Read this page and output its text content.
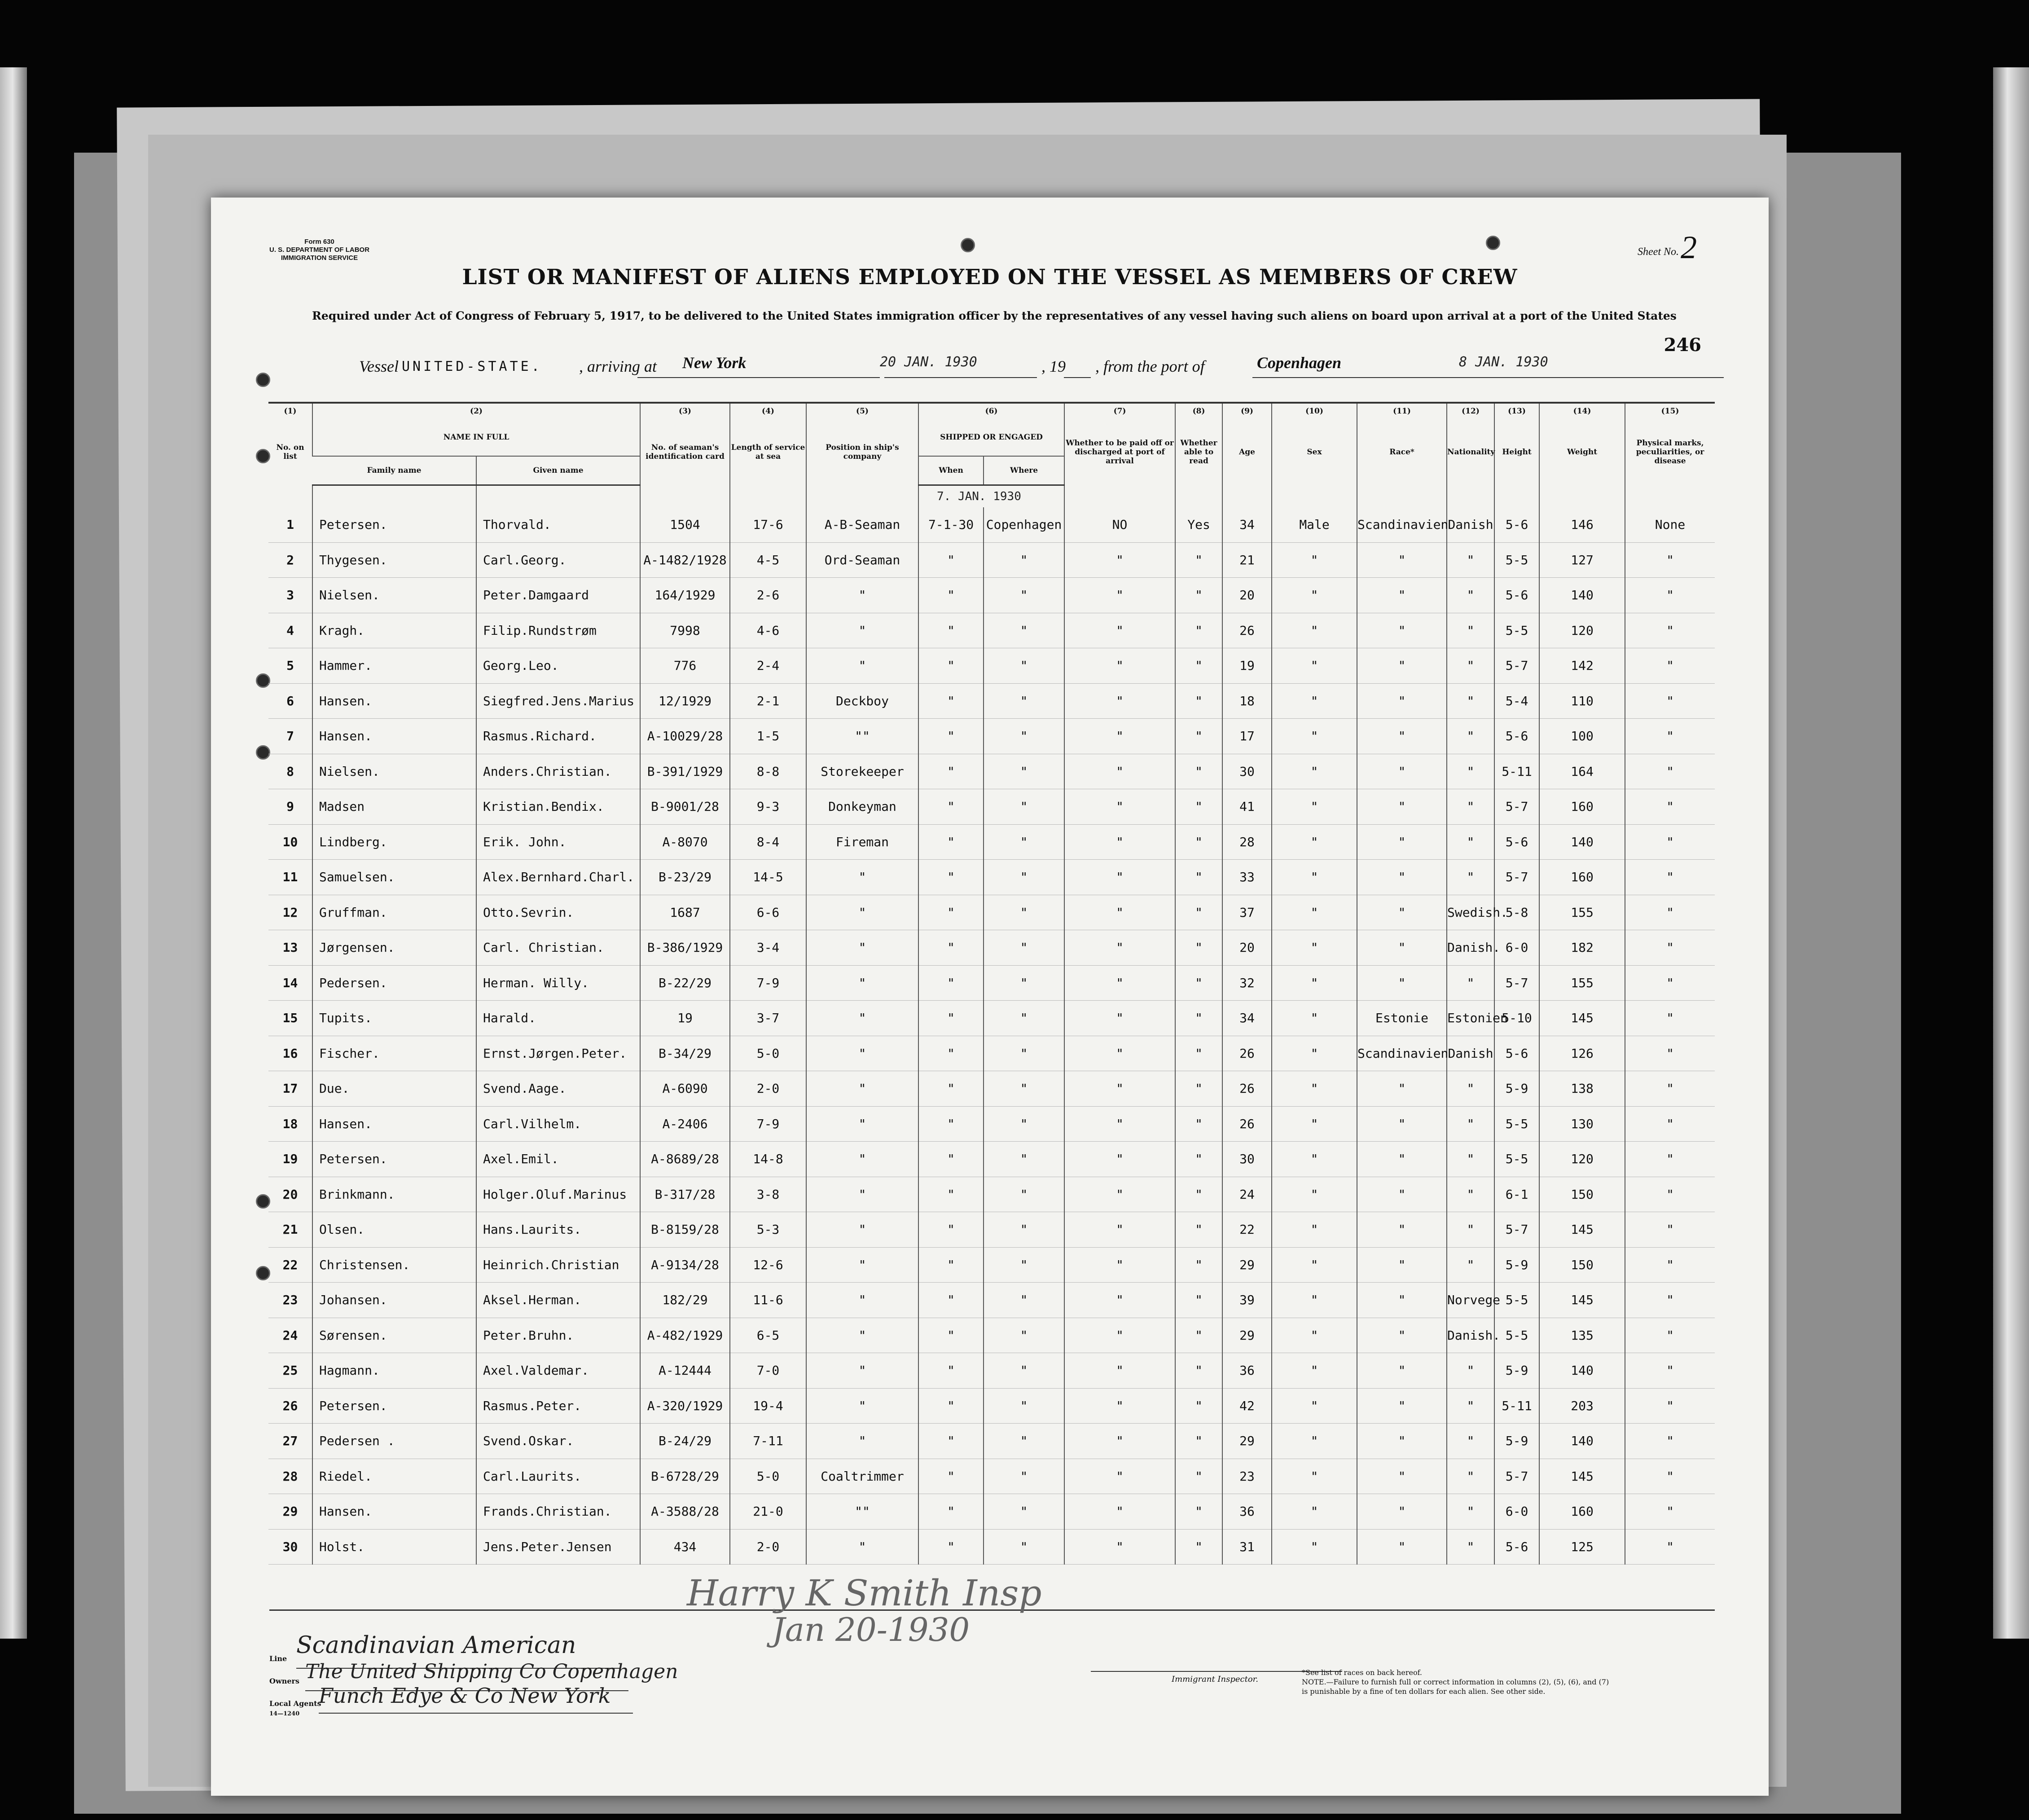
Form 630
U. S. DEPARTMENT OF LABOR
IMMIGRATION SERVICE
Sheet No. 2
LIST OR MANIFEST OF ALIENS EMPLOYED ON THE VESSEL AS MEMBERS OF CREW
Required under Act of Congress of February 5, 1917, to be delivered to the United States immigration officer by the representatives of any vessel having such aliens on board upon arrival at a port of the United States
246
Vessel UNITED-STATE. , arriving at New York	20 JAN. 1930	, 19 , from the port of	Copenhagen	8 JAN. 1930
(1)	(2)		(3)	(4)	(5)	(6)		(7)	(8)	(9)	(10)	(11)	(12)	(13)	(14)	(15)
No. on list	NAME IN FULL		No. of seaman's identification card	Length of service at sea	Position in ship's company	SHIPPED OR ENGAGED		Whether to be paid off or discharged at port of arrival	Whether able to read	Age	Sex	Race*	Nationality	Height	Weight	Physical marks, peculiarities, or disease
	Family name	Given name				When	Where									
						7. JAN. 1930										
1	Petersen.	Thorvald.	1504	17-6	A-B-Seaman	7-1-30	Copenhagen	NO	Yes	34	Male	Scandinavien	Danish	5-6	146	None
2	Thygesen.	Carl.Georg.	A-1482/1928	4-5	Ord-Seaman	"	"	"	"	21	"	"	"	5-5	127	"
3	Nielsen.	Peter.Damgaard	164/1929	2-6	"	"	"	"	"	20	"	"	"	5-6	140	"
4	Kragh.	Filip.Rundstrøm	7998	4-6	"	"	"	"	"	26	"	"	"	5-5	120	"
5	Hammer.	Georg.Leo.	776	2-4	"	"	"	"	"	19	"	"	"	5-7	142	"
6	Hansen.	Siegfred.Jens.Marius	12/1929	2-1	Deckboy	"	"	"	"	18	"	"	"	5-4	110	"
7	Hansen.	Rasmus.Richard.	A-10029/28	1-5	""	"	"	"	"	17	"	"	"	5-6	100	"
8	Nielsen.	Anders.Christian.	B-391/1929	8-8	Storekeeper	"	"	"	"	30	"	"	"	5-11	164	"
9	Madsen	Kristian.Bendix.	B-9001/28	9-3	Donkeyman	"	"	"	"	41	"	"	"	5-7	160	"
10	Lindberg.	Erik. John.	A-8070	8-4	Fireman	"	"	"	"	28	"	"	"	5-6	140	"
11	Samuelsen.	Alex.Bernhard.Charl.	B-23/29	14-5	"	"	"	"	"	33	"	"	"	5-7	160	"
12	Gruffman.	Otto.Sevrin.	1687	6-6	"	"	"	"	"	37	"	"	Swedish.	5-8	155	"
13	Jørgensen.	Carl. Christian.	B-386/1929	3-4	"	"	"	"	"	20	"	"	Danish.	6-0	182	"
14	Pedersen.	Herman. Willy.	B-22/29	7-9	"	"	"	"	"	32	"	"	"	5-7	155	"
15	Tupits.	Harald.	19	3-7	"	"	"	"	"	34	"	Estonie	Estonien	5-10	145	"
16	Fischer.	Ernst.Jørgen.Peter.	B-34/29	5-0	"	"	"	"	"	26	"	Scandinavien	Danish	5-6	126	"
17	Due.	Svend.Aage.	A-6090	2-0	"	"	"	"	"	26	"	"	"	5-9	138	"
18	Hansen.	Carl.Vilhelm.	A-2406	7-9	"	"	"	"	"	26	"	"	"	5-5	130	"
19	Petersen.	Axel.Emil.	A-8689/28	14-8	"	"	"	"	"	30	"	"	"	5-5	120	"
20	Brinkmann.	Holger.Oluf.Marinus	B-317/28	3-8	"	"	"	"	"	24	"	"	"	6-1	150	"
21	Olsen.	Hans.Laurits.	B-8159/28	5-3	"	"	"	"	"	22	"	"	"	5-7	145	"
22	Christensen.	Heinrich.Christian	A-9134/28	12-6	"	"	"	"	"	29	"	"	"	5-9	150	"
23	Johansen.	Aksel.Herman.	182/29	11-6	"	"	"	"	"	39	"	"	Norvege	5-5	145	"
24	Sørensen.	Peter.Bruhn.	A-482/1929	6-5	"	"	"	"	"	29	"	"	Danish.	5-5	135	"
25	Hagmann.	Axel.Valdemar.	A-12444	7-0	"	"	"	"	"	36	"	"	"	5-9	140	"
26	Petersen.	Rasmus.Peter.	A-320/1929	19-4	"	"	"	"	"	42	"	"	"	5-11	203	"
27	Pedersen .	Svend.Oskar.	B-24/29	7-11	"	"	"	"	"	29	"	"	"	5-9	140	"
28	Riedel.	Carl.Laurits.	B-6728/29	5-0	Coaltrimmer	"	"	"	"	23	"	"	"	5-7	145	"
29	Hansen.	Frands.Christian.	A-3588/28	21-0	""	"	"	"	"	36	"	"	"	6-0	160	"
30	Holst.	Jens.Peter.Jensen	434	2-0	"	"	"	"	"	31	"	"	"	5-6	125	"
Line
Owners
Local Agents
14—1240
Scandinavian American
The United Shipping Co Copenhagen
Funch Edye & Co New York
Harry K Smith Insp
Jan 20-1930
Immigrant Inspector.
*See list of races on back hereof.
NOTE.—Failure to furnish full or correct information in columns (2), (5), (6), and (7)
is punishable by a fine of ten dollars for each alien. See other side.
